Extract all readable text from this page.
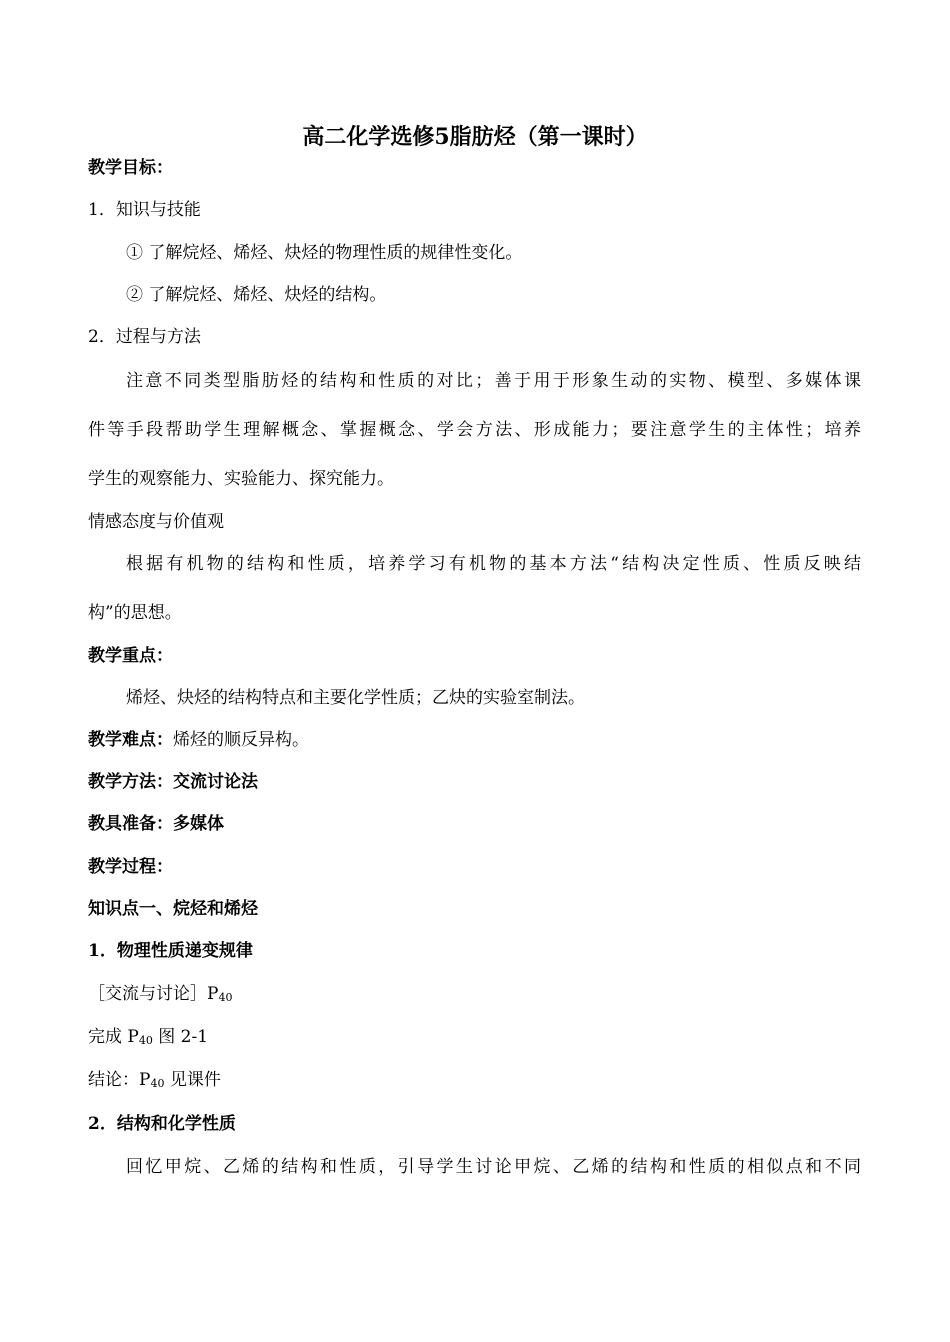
高二化学选修5脂肪烃（第一课时）
教学目标：
1．知识与技能
① 了解烷烃、烯烃、炔烃的物理性质的规律性变化。
② 了解烷烃、烯烃、炔烃的结构。
2．过程与方法
注意不同类型脂肪烃的结构和性质的对比；善于用于形象生动的实物、模型、多媒体课
件等手段帮助学生理解概念、掌握概念、学会方法、形成能力；要注意学生的主体性；培养
学生的观察能力、实验能力、探究能力。
情感态度与价值观
根据有机物的结构和性质，培养学习有机物的基本方法“结构决定性质、性质反映结
构”的思想。
教学重点：
烯烃、炔烃的结构特点和主要化学性质；乙炔的实验室制法。
教学难点：烯烃的顺反异构。
教学方法：交流讨论法
教具准备：多媒体
教学过程：
知识点一、烷烃和烯烃
1．物理性质递变规律
［交流与讨论$]P_{40}$
完成 $P_{40}$ 图 2-1
结论：$P_{40}$ 见课件
2．结构和化学性质
回忆甲烷、乙烯的结构和性质，引导学生讨论甲烷、乙烯的结构和性质的相似点和不同
